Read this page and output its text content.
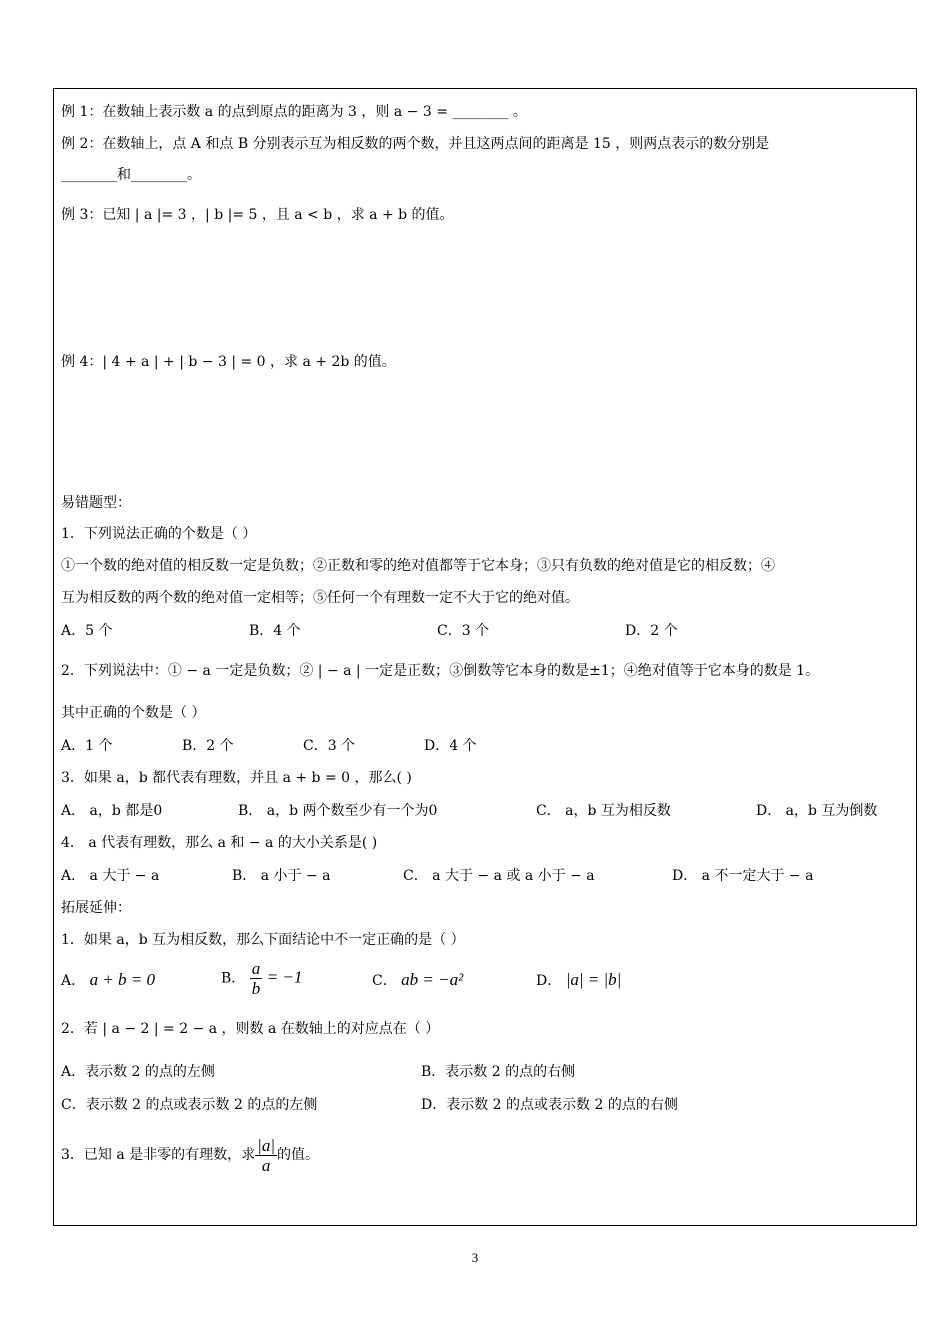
例 1：在数轴上表示数 a 的点到原点的距离为 3 ，则 a − 3 = ________ 。
例 2：在数轴上，点 A 和点 B 分别表示互为相反数的两个数，并且这两点间的距离是 15 ，则两点表示的数分别是
________和________。
例 3：已知 | a |= 3 ，| b |= 5 ，且 a < b ，求 a + b 的值。
例 4：| 4 + a | + | b − 3 | = 0 ，求 a + 2b 的值。
易错题型：
1．下列说法正确的个数是（ ）
①一个数的绝对值的相反数一定是负数；②正数和零的绝对值都等于它本身；③只有负数的绝对值是它的相反数；④
互为相反数的两个数的绝对值一定相等；⑤任何一个有理数一定不大于它的绝对值。
A．5 个	B．4 个	C．3 个	D．2 个
2．下列说法中：① − a 一定是负数；② | − a | 一定是正数；③倒数等它本身的数是±1；④绝对值等于它本身的数是 1。
其中正确的个数是（ ）
A．1 个	B．2 个	C．3 个	D．4 个
3．如果 a，b 都代表有理数，并且 a + b = 0 ，那么( )
A． a，b 都是0	B． a，b 两个数至少有一个为0	C． a，b 互为相反数	D． a，b 互为倒数
4． a 代表有理数，那么 a 和 − a 的大小关系是( )
A． a 大于 − a	B． a 小于 − a	C． a 大于 − a 或 a 小于 − a	D． a 不一定大于 − a
拓展延伸：
1．如果 a，b 互为相反数，那么下面结论中不一定正确的是（ ）
A． a + b = 0	B． $\frac{a}{b} = -1$	C． ab = −a²	D． |a| = |b|
2．若 | a − 2 | = 2 − a ，则数 a 在数轴上的对应点在（ ）
A．表示数 2 的点的左侧	B．表示数 2 的点的右侧
C．表示数 2 的点或表示数 2 的点的左侧	D．表示数 2 的点或表示数 2 的点的右侧
3．已知 a 是非零的有理数，求 $\frac{|a|}{a}$ 的值。
3
